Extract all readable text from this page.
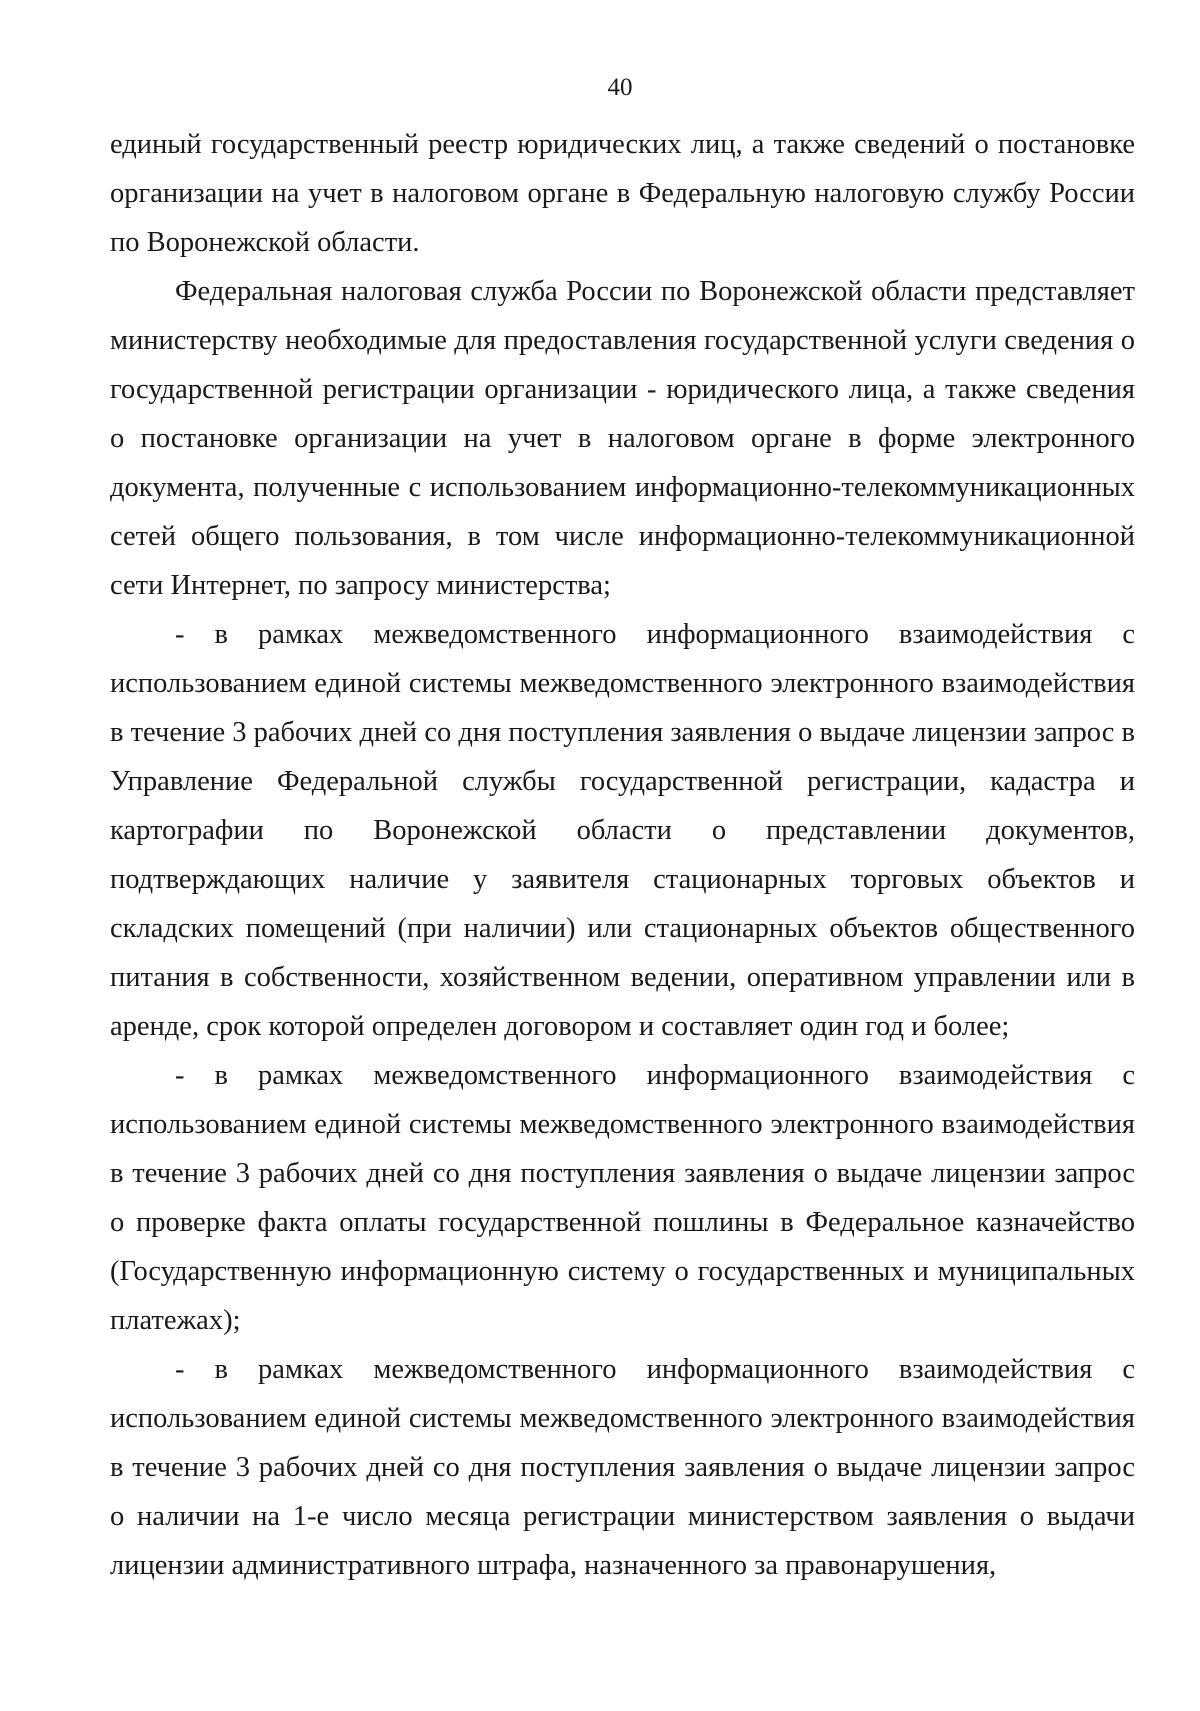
40

единый государственный реестр юридических лиц, а также сведений о постановке организации на учет в налоговом органе в Федеральную налоговую службу России по Воронежской области.

Федеральная налоговая служба России по Воронежской области представляет министерству необходимые для предоставления государственной услуги сведения о государственной регистрации организации - юридического лица, а также сведения о постановке организации на учет в налоговом органе в форме электронного документа, полученные с использованием информационно-телекоммуникационных сетей общего пользования, в том числе информационно-телекоммуникационной сети Интернет, по запросу министерства;

- в рамках межведомственного информационного взаимодействия с использованием единой системы межведомственного электронного взаимодействия в течение 3 рабочих дней со дня поступления заявления о выдаче лицензии запрос в Управление Федеральной службы государственной регистрации, кадастра и картографии по Воронежской области о представлении документов, подтверждающих наличие у заявителя стационарных торговых объектов и складских помещений (при наличии) или стационарных объектов общественного питания в собственности, хозяйственном ведении, оперативном управлении или в аренде, срок которой определен договором и составляет один год и более;

- в рамках межведомственного информационного взаимодействия с использованием единой системы межведомственного электронного взаимодействия в течение 3 рабочих дней со дня поступления заявления о выдаче лицензии запрос о проверке факта оплаты государственной пошлины в Федеральное казначейство (Государственную информационную систему о государственных и муниципальных платежах);

- в рамках межведомственного информационного взаимодействия с использованием единой системы межведомственного электронного взаимодействия в течение 3 рабочих дней со дня поступления заявления о выдаче лицензии запрос о наличии на 1-е число месяца регистрации министерством заявления о выдачи лицензии административного штрафа, назначенного за правонарушения,
